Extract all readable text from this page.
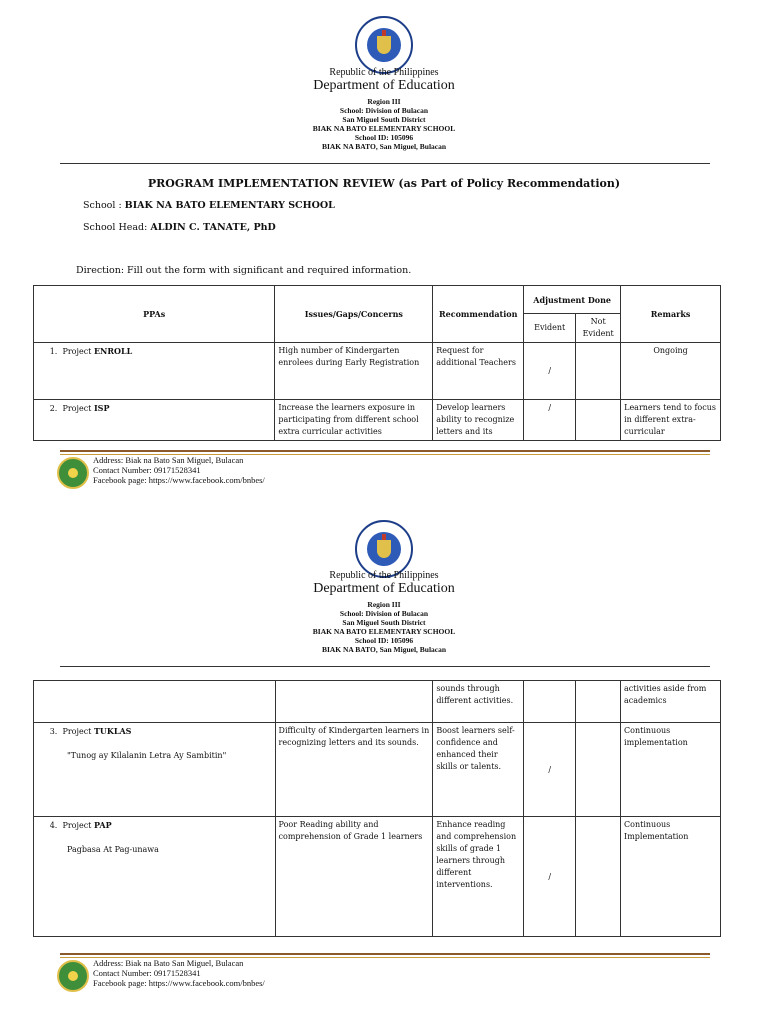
Republic of the Philippines
Department of Education
Region III
School: Division of Bulacan
San Miguel South District
BIAK NA BATO ELEMENTARY SCHOOL
School ID: 105096
BIAK NA BATO, San Miguel, Bulacan
PROGRAM IMPLEMENTATION REVIEW (as Part of Policy Recommendation)
School : BIAK NA BATO ELEMENTARY SCHOOL
School Head: ALDIN C. TANATE, PhD
Direction: Fill out the form with significant and required information.
PPAs	Issues/Gaps/Concerns	Recommendation	Adjustment Done		Remarks
			Evident	Not Evident	
1. Project ENROLL	High number of Kindergarten enrolees during Early Registration	Request for additional Teachers	/		Ongoing
2. Project ISP	Increase the learners exposure in participating from different school extra curricular activities	Develop learners ability to recognize letters and its	/		Learners tend to focus in different extra-curricular
Address: Biak na Bato San Miguel, Bulacan
Contact Number: 09171528341
Facebook page: https://www.facebook.com/bnbes/
Republic of the Philippines
Department of Education
Region III
School: Division of Bulacan
San Miguel South District
BIAK NA BATO ELEMENTARY SCHOOL
School ID: 105096
BIAK NA BATO, San Miguel, Bulacan
		sounds through different activities.			activities aside from academics
3. Project TUKLAS

"Tunog ay Kilalanin Letra Ay Sambitin"	Difficulty of Kindergarten learners in recognizing letters and its sounds.	Boost learners self- confidence and enhanced their skills or talents.	/		Continuous implementation
4. Project PAP

Pagbasa At Pag-unawa	Poor Reading ability and comprehension of Grade 1 learners	Enhance reading and comprehension skills of grade 1 learners through different interventions.	/		Continuous Implementation
Address: Biak na Bato San Miguel, Bulacan
Contact Number: 09171528341
Facebook page: https://www.facebook.com/bnbes/
